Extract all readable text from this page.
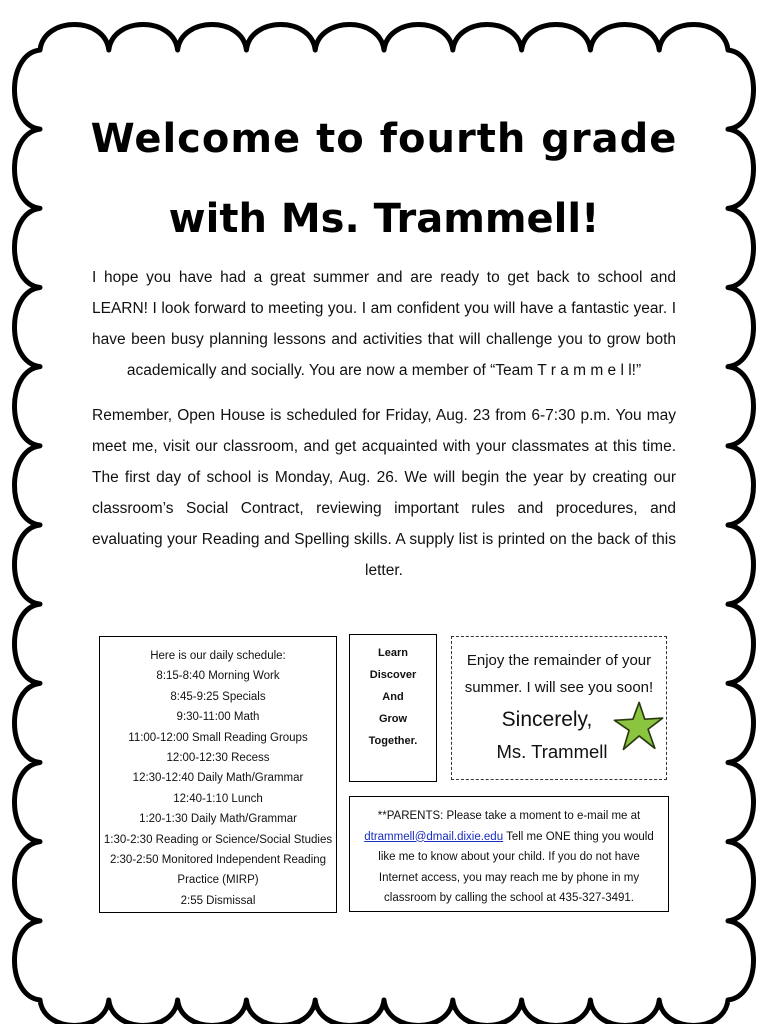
Welcome to fourth grade
with Ms. Trammell!
I hope you have had a great summer and are ready to get back to school and LEARN! I look forward to meeting you. I am confident you will have a fantastic year. I have been busy planning lessons and activities that will challenge you to grow both academically and socially. You are now a member of “Team T r a m m e l l!”
Remember, Open House is scheduled for Friday, Aug. 23 from 6-7:30 p.m. You may meet me, visit our classroom, and get acquainted with your classmates at this time. The first day of school is Monday, Aug. 26. We will begin the year by creating our classroom’s Social Contract, reviewing important rules and procedures, and evaluating your Reading and Spelling skills. A supply list is printed on the back of this letter.
Here is our daily schedule:
8:15-8:40 Morning Work
8:45-9:25 Specials
9:30-11:00 Math
11:00-12:00 Small Reading Groups
12:00-12:30 Recess
12:30-12:40 Daily Math/Grammar
12:40-1:10 Lunch
1:20-1:30 Daily Math/Grammar
1:30-2:30 Reading or Science/Social Studies
2:30-2:50 Monitored Independent Reading
Practice (MIRP)
2:55 Dismissal
Learn
Discover
And
Grow
Together.
Enjoy the remainder of your summer. I will see you soon!
Sincerely,
Ms. Trammell
**PARENTS: Please take a moment to e-mail me at
dtrammell@dmail.dixie.edu Tell me ONE thing you would like me to know about your child. If you do not have Internet access, you may reach me by phone in my classroom by calling the school at 435-327-3491.
